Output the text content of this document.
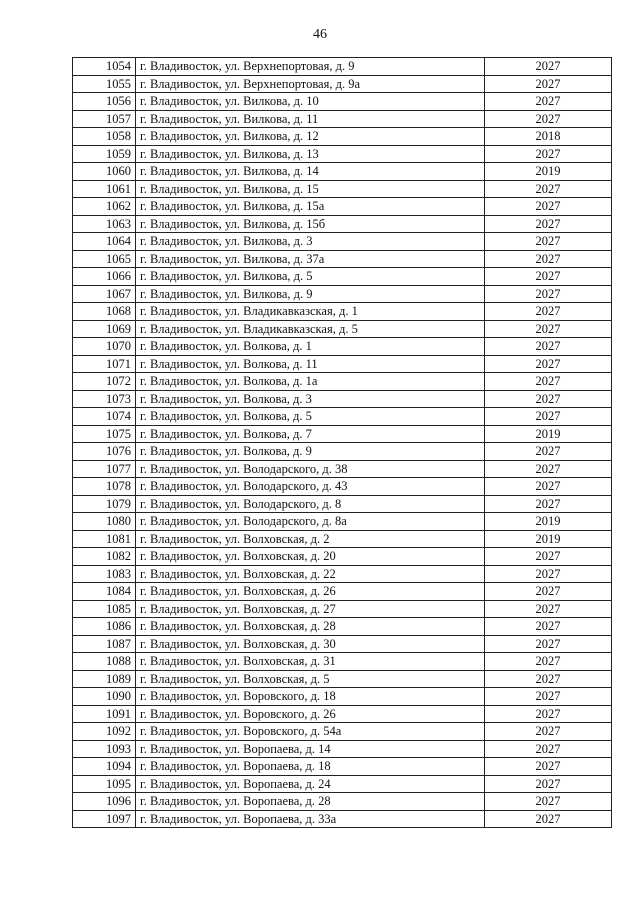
46
1054	г. Владивосток, ул. Верхнепортовая, д. 9	2027
1055	г. Владивосток, ул. Верхнепортовая, д. 9а	2027
1056	г. Владивосток, ул. Вилкова, д. 10	2027
1057	г. Владивосток, ул. Вилкова, д. 11	2027
1058	г. Владивосток, ул. Вилкова, д. 12	2018
1059	г. Владивосток, ул. Вилкова, д. 13	2027
1060	г. Владивосток, ул. Вилкова, д. 14	2019
1061	г. Владивосток, ул. Вилкова, д. 15	2027
1062	г. Владивосток, ул. Вилкова, д. 15а	2027
1063	г. Владивосток, ул. Вилкова, д. 15б	2027
1064	г. Владивосток, ул. Вилкова, д. 3	2027
1065	г. Владивосток, ул. Вилкова, д. 37а	2027
1066	г. Владивосток, ул. Вилкова, д. 5	2027
1067	г. Владивосток, ул. Вилкова, д. 9	2027
1068	г. Владивосток, ул. Владикавказская, д. 1	2027
1069	г. Владивосток, ул. Владикавказская, д. 5	2027
1070	г. Владивосток, ул. Волкова, д. 1	2027
1071	г. Владивосток, ул. Волкова, д. 11	2027
1072	г. Владивосток, ул. Волкова, д. 1а	2027
1073	г. Владивосток, ул. Волкова, д. 3	2027
1074	г. Владивосток, ул. Волкова, д. 5	2027
1075	г. Владивосток, ул. Волкова, д. 7	2019
1076	г. Владивосток, ул. Волкова, д. 9	2027
1077	г. Владивосток, ул. Володарского, д. 38	2027
1078	г. Владивосток, ул. Володарского, д. 43	2027
1079	г. Владивосток, ул. Володарского, д. 8	2027
1080	г. Владивосток, ул. Володарского, д. 8а	2019
1081	г. Владивосток, ул. Волховская, д. 2	2019
1082	г. Владивосток, ул. Волховская, д. 20	2027
1083	г. Владивосток, ул. Волховская, д. 22	2027
1084	г. Владивосток, ул. Волховская, д. 26	2027
1085	г. Владивосток, ул. Волховская, д. 27	2027
1086	г. Владивосток, ул. Волховская, д. 28	2027
1087	г. Владивосток, ул. Волховская, д. 30	2027
1088	г. Владивосток, ул. Волховская, д. 31	2027
1089	г. Владивосток, ул. Волховская, д. 5	2027
1090	г. Владивосток, ул. Воровского, д. 18	2027
1091	г. Владивосток, ул. Воровского, д. 26	2027
1092	г. Владивосток, ул. Воровского, д. 54а	2027
1093	г. Владивосток, ул. Воропаева, д. 14	2027
1094	г. Владивосток, ул. Воропаева, д. 18	2027
1095	г. Владивосток, ул. Воропаева, д. 24	2027
1096	г. Владивосток, ул. Воропаева, д. 28	2027
1097	г. Владивосток, ул. Воропаева, д. 33а	2027
